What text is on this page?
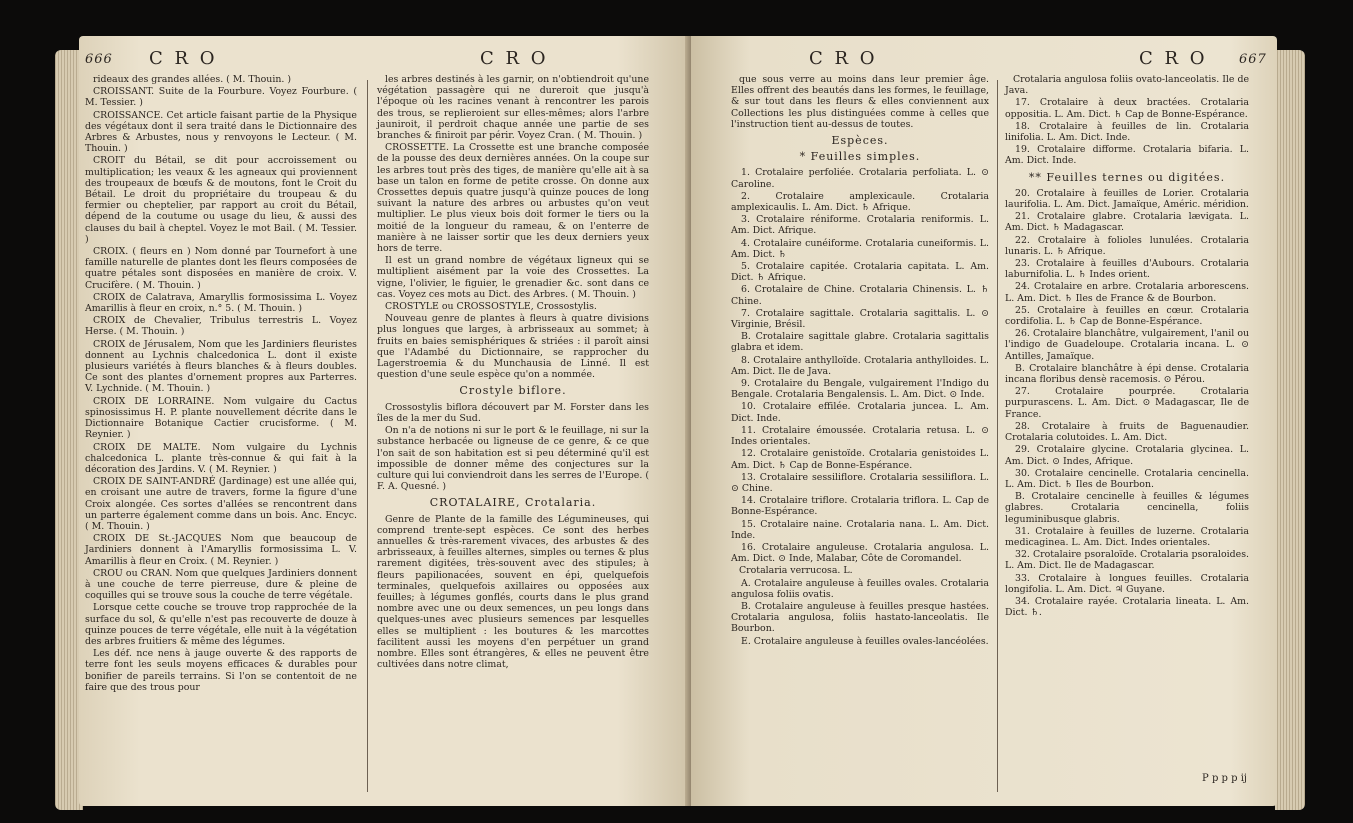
666 C R O	C R O

rideaux des grandes allées. ( M. Thouin. )

CROISSANT. Suite de la Fourbure. Voyez Fourbure. ( M. Tessier. )

CROISSANCE. Cet article faisant partie de la Physique des végétaux dont il sera traité dans le Dictionnaire des Arbres & Arbustes, nous y renvoyons le Lecteur. ( M. Thouin. )

CROIT du Bétail, se dit pour accroissement ou multiplication; les veaux & les agneaux qui proviennent des troupeaux de bœufs & de moutons, font le Croit du Bétail. Le droit du propriétaire du troupeau & du fermier ou cheptelier, par rapport au croit du Bétail, dépend de la coutume ou usage du lieu, & aussi des clauses du bail à cheptel. Voyez le mot Bail. ( M. Tessier. )

CROIX. ( fleurs en ) Nom donné par Tournefort à une famille naturelle de plantes dont les fleurs composées de quatre pétales sont disposées en manière de croix. V. Crucifère. ( M. Thouin. )

CROIX de Calatrava, Amaryllis formosissima L. Voyez Amarillis à fleur en croix, n.° 5. ( M. Thouin. )

CROIX de Chevalier, Tribulus terrestris L. Voyez Herse. ( M. Thouin. )

CROIX de Jérusalem, Nom que les Jardiniers fleuristes donnent au Lychnis chalcedonica L. dont il existe plusieurs variétés à fleurs blanches & à fleurs doubles. Ce sont des plantes d'ornement propres aux Parterres. V. Lychnide. ( M. Thouin. )

CROIX DE LORRAINE. Nom vulgaire du Cactus spinosissimus H. P. plante nouvellement décrite dans le Dictionnaire Botanique Cactier crucisforme. ( M. Reynier. )

CROIX DE MALTE. Nom vulgaire du Lychnis chalcedonica L. plante très-connue & qui fait à la décoration des Jardins. V. ( M. Reynier. )

CROIX DE SAINT-ANDRÉ (Jardinage) est une allée qui, en croisant une autre de travers, forme la figure d'une Croix alongée. Ces sortes d'allées se rencontrent dans un parterre également comme dans un bois. Anc. Encyc. ( M. Thouin. )

CROIX DE St.-JACQUES Nom que beaucoup de Jardiniers donnent à l'Amaryllis formosissima L. V. Amarillis à fleur en Croix. ( M. Reynier. )

CROU ou CRAN. Nom que quelques Jardiniers donnent à une couche de terre pierreuse, dure & pleine de coquilles qui se trouve sous la couche de terre végétale.

Lorsque cette couche se trouve trop rapprochée de la surface du sol, & qu'elle n'est pas recouverte de douze à quinze pouces de terre végétale, elle nuit à la végétation des arbres fruitiers & même des légumes.

Les déf. nce nens à jauge ouverte & des rapports de terre font les seuls moyens efficaces & durables pour bonifier de pareils terrains. Si l'on se contentoit de ne faire que des trous pour

les arbres destinés à les garnir, on n'obtiendroit qu'une végétation passagère qui ne dureroit que jusqu'à l'époque où les racines venant à rencontrer les parois des trous, se replieroient sur elles-mêmes; alors l'arbre jauniroit, il perdroit chaque année une partie de ses branches & finiroit par périr. Voyez Cran. ( M. Thouin. )

CROSSETTE. La Crossette est une branche composée de la pousse des deux dernières années. On la coupe sur les arbres tout près des tiges, de manière qu'elle ait à sa base un talon en forme de petite crosse. On donne aux Crossettes depuis quatre jusqu'à quinze pouces de long suivant la nature des arbres ou arbustes qu'on veut multiplier. Le plus vieux bois doit former le tiers ou la moitié de la longueur du rameau, & on l'enterre de manière à ne laisser sortir que les deux derniers yeux hors de terre.

Il est un grand nombre de végétaux ligneux qui se multiplient aisément par la voie des Crossettes. La vigne, l'olivier, le figuier, le grenadier &c. sont dans ce cas. Voyez ces mots au Dict. des Arbres. ( M. Thouin. )

CROSTYLE ou CROSSOSTYLE, Crossostylis.

Nouveau genre de plantes à fleurs à quatre divisions plus longues que larges, à arbrisseaux au sommet; à fruits en baies semisphériques & striées : il paroît ainsi que l'Adambé du Dictionnaire, se rapprocher du Lagerstroemia & du Munchausia de Linné. Il est question d'une seule espèce qu'on a nommée.

Crostyle biflore.

Crossostylis biflora découvert par M. Forster dans les îles de la mer du Sud.

On n'a de notions ni sur le port & le feuillage, ni sur la substance herbacée ou ligneuse de ce genre, & ce que l'on sait de son habitation est si peu déterminé qu'il est impossible de donner même des conjectures sur la culture qui lui conviendroit dans les serres de l'Europe. ( F. A. Quesné. )

CROTALAIRE, Crotalaria.

Genre de Plante de la famille des Légumineuses, qui comprend trente-sept espèces. Ce sont des herbes annuelles & très-rarement vivaces, des arbustes & des arbrisseaux, à feuilles alternes, simples ou ternes & plus rarement digitées, très-souvent avec des stipules; à fleurs papilionacées, souvent en épi, quelquefois terminales, quelquefois axillaires ou opposées aux feuilles; à légumes gonflés, courts dans le plus grand nombre avec une ou deux semences, un peu longs dans quelques-unes avec plusieurs semences par lesquelles elles se multiplient : les boutures & les marcottes facilitent aussi les moyens d'en perpétuer un grand nombre. Elles sont étrangères, & elles ne peuvent être cultivées dans notre climat,

C R O	C R O 667

que sous verre au moins dans leur premier âge. Elles offrent des beautés dans les formes, le feuillage, & sur tout dans les fleurs & elles conviennent aux Collections les plus distinguées comme à celles que l'instruction tient au-dessus de toutes.

Espèces.

* Feuilles simples.

1. Crotalaire perfoliée. Crotalaria perfoliata. L. ⊙ Caroline.

2. Crotalaire amplexicaule. Crotalaria amplexicaulis. L. Am. Dict. ♄ Afrique.

3. Crotalaire réniforme. Crotalaria reniformis. L. Am. Dict. Afrique.

4. Crotalaire cunéiforme. Crotalaria cuneiformis. L. Am. Dict. ♄

5. Crotalaire capitée. Crotalaria capitata. L. Am. Dict. ♄ Afrique.

6. Crotalaire de Chine. Crotalaria Chinensis. L. ♄ Chine.

7. Crotalaire sagittale. Crotalaria sagittalis. L. ⊙ Virginie, Brésil.

B. Crotalaire sagittale glabre. Crotalaria sagittalis glabra et idem.

8. Crotalaire anthylloïde. Crotalaria anthylloides. L. Am. Dict. Ile de Java.

9. Crotalaire du Bengale, vulgairement l'Indigo du Bengale. Crotalaria Bengalensis. L. Am. Dict. ⊙ Inde.

10. Crotalaire effilée. Crotalaria juncea. L. Am. Dict. Inde.

11. Crotalaire émoussée. Crotalaria retusa. L. ⊙ Indes orientales.

12. Crotalaire genistoïde. Crotalaria genistoides L. Am. Dict. ♄ Cap de Bonne-Espérance.

13. Crotalaire sessiliflore. Crotalaria sessiliflora. L. ⊙ Chine.

14. Crotalaire triflore. Crotalaria triflora. L. Cap de Bonne-Espérance.

15. Crotalaire naine. Crotalaria nana. L. Am. Dict. Inde.

16. Crotalaire anguleuse. Crotalaria angulosa. L. Am. Dict. ⊙ Inde, Malabar, Côte de Coromandel.

Crotalaria verrucosa. L.

A. Crotalaire anguleuse à feuilles ovales. Crotalaria angulosa foliis ovatis.

B. Crotalaire anguleuse à feuilles presque hastées. Crotalaria angulosa, foliis hastato-lanceolatis. Ile Bourbon.

E. Crotalaire anguleuse à feuilles ovales-lancéolées.

Crotalaria angulosa foliis ovato-lanceolatis. Ile de Java.

17. Crotalaire à deux bractées. Crotalaria oppositia. L. Am. Dict. ♄ Cap de Bonne-Espérance.

18. Crotalaire à feuilles de lin. Crotalaria linifolia. L. Am. Dict. Inde.

19. Crotalaire difforme. Crotalaria bifaria. L. Am. Dict. Inde.

** Feuilles ternes ou digitées.

20. Crotalaire à feuilles de Lorier. Crotalaria laurifolia. L. Am. Dict. Jamaïque, Améric. méridion.

21. Crotalaire glabre. Crotalaria lævigata. L. Am. Dict. ♄ Madagascar.

22. Crotalaire à folioles lunulées. Crotalaria lunaris. L. ♄ Afrique.

23. Crotalaire à feuilles d'Aubours. Crotalaria laburnifolia. L. ♄ Indes orient.

24. Crotalaire en arbre. Crotalaria arborescens. L. Am. Dict. ♄ Iles de France & de Bourbon.

25. Crotalaire à feuilles en cœur. Crotalaria cordifolia. L. ♄ Cap de Bonne-Espérance.

26. Crotalaire blanchâtre, vulgairement, l'anil ou l'indigo de Guadeloupe. Crotalaria incana. L. ⊙ Antilles, Jamaïque.

B. Crotalaire blanchâtre à épi dense. Crotalaria incana floribus densè racemosis. ⊙ Pérou.

27. Crotalaire pourprée. Crotalaria purpurascens. L. Am. Dict. ⊙ Madagascar, Ile de France.

28. Crotalaire à fruits de Baguenaudier. Crotalaria colutoides. L. Am. Dict.

29. Crotalaire glycine. Crotalaria glycinea. L. Am. Dict. ⊙ Indes, Afrique.

30. Crotalaire cencinelle. Crotalaria cencinella. L. Am. Dict. ♄ Iles de Bourbon.

B. Crotalaire cencinelle à feuilles & légumes glabres. Crotalaria cencinella, foliis leguminibusque glabris.

31. Crotalaire à feuilles de luzerne. Crotalaria medicaginea. L. Am. Dict. Indes orientales.

32. Crotalaire psoraloïde. Crotalaria psoraloides. L. Am. Dict. Ile de Madagascar.

33. Crotalaire à longues feuilles. Crotalaria longifolia. L. Am. Dict. ♃ Guyane.

34. Crotalaire rayée. Crotalaria lineata. L. Am. Dict. ♄.

P p p p ij
